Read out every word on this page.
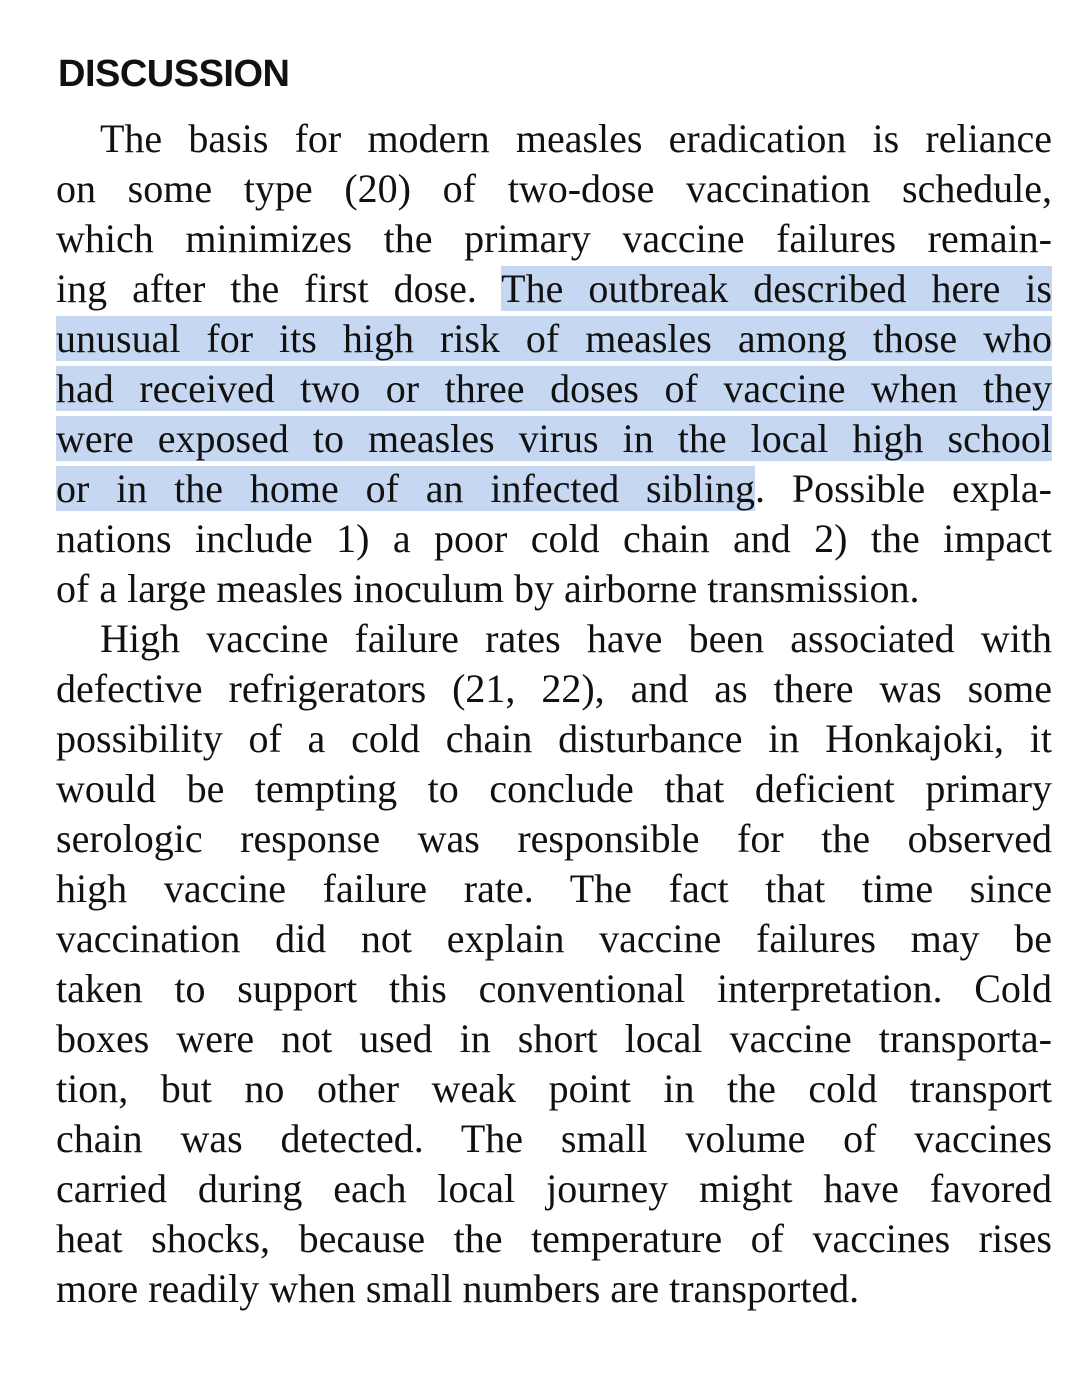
DISCUSSION
The basis for modern measles eradication is reliance
on some type (20) of two-dose vaccination schedule,
which minimizes the primary vaccine failures remain-
ing after the first dose. The outbreak described here is
unusual for its high risk of measles among those who
had received two or three doses of vaccine when they
were exposed to measles virus in the local high school
or in the home of an infected sibling. Possible expla-
nations include 1) a poor cold chain and 2) the impact
of a large measles inoculum by airborne transmission.
High vaccine failure rates have been associated with
defective refrigerators (21, 22), and as there was some
possibility of a cold chain disturbance in Honkajoki, it
would be tempting to conclude that deficient primary
serologic response was responsible for the observed
high vaccine failure rate. The fact that time since
vaccination did not explain vaccine failures may be
taken to support this conventional interpretation. Cold
boxes were not used in short local vaccine transporta-
tion, but no other weak point in the cold transport
chain was detected. The small volume of vaccines
carried during each local journey might have favored
heat shocks, because the temperature of vaccines rises
more readily when small numbers are transported.
